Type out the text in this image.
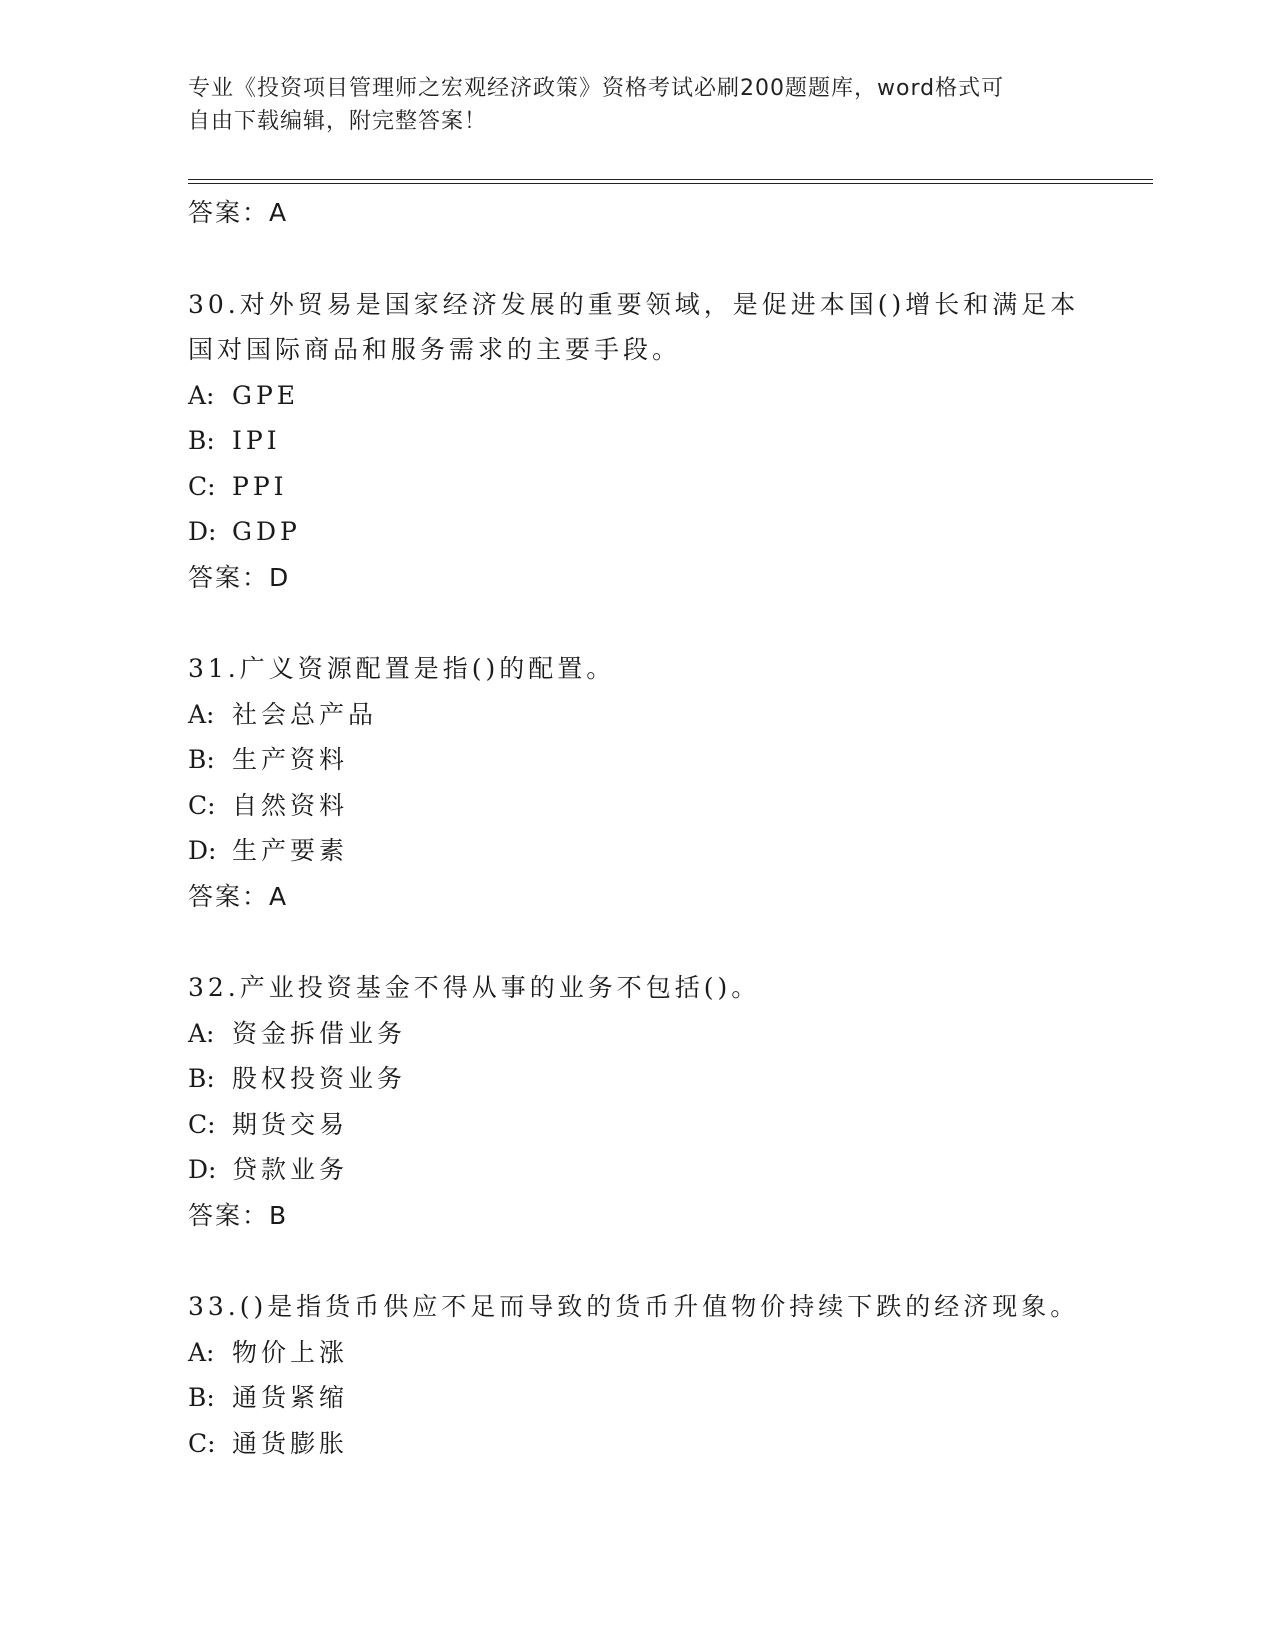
专业《投资项目管理师之宏观经济政策》资格考试必刷200题题库，word格式可
自由下载编辑，附完整答案！
答案：A
30.对外贸易是国家经济发展的重要领域，是促进本国()增长和满足本
国对国际商品和服务需求的主要手段。
A: GPE
B: IPI
C: PPI
D: GDP
答案：D
31.广义资源配置是指()的配置。
A: 社会总产品
B: 生产资料
C: 自然资料
D: 生产要素
答案：A
32.产业投资基金不得从事的业务不包括()。
A: 资金拆借业务
B: 股权投资业务
C: 期货交易
D: 贷款业务
答案：B
33.()是指货币供应不足而导致的货币升值物价持续下跌的经济现象。
A: 物价上涨
B: 通货紧缩
C: 通货膨胀
